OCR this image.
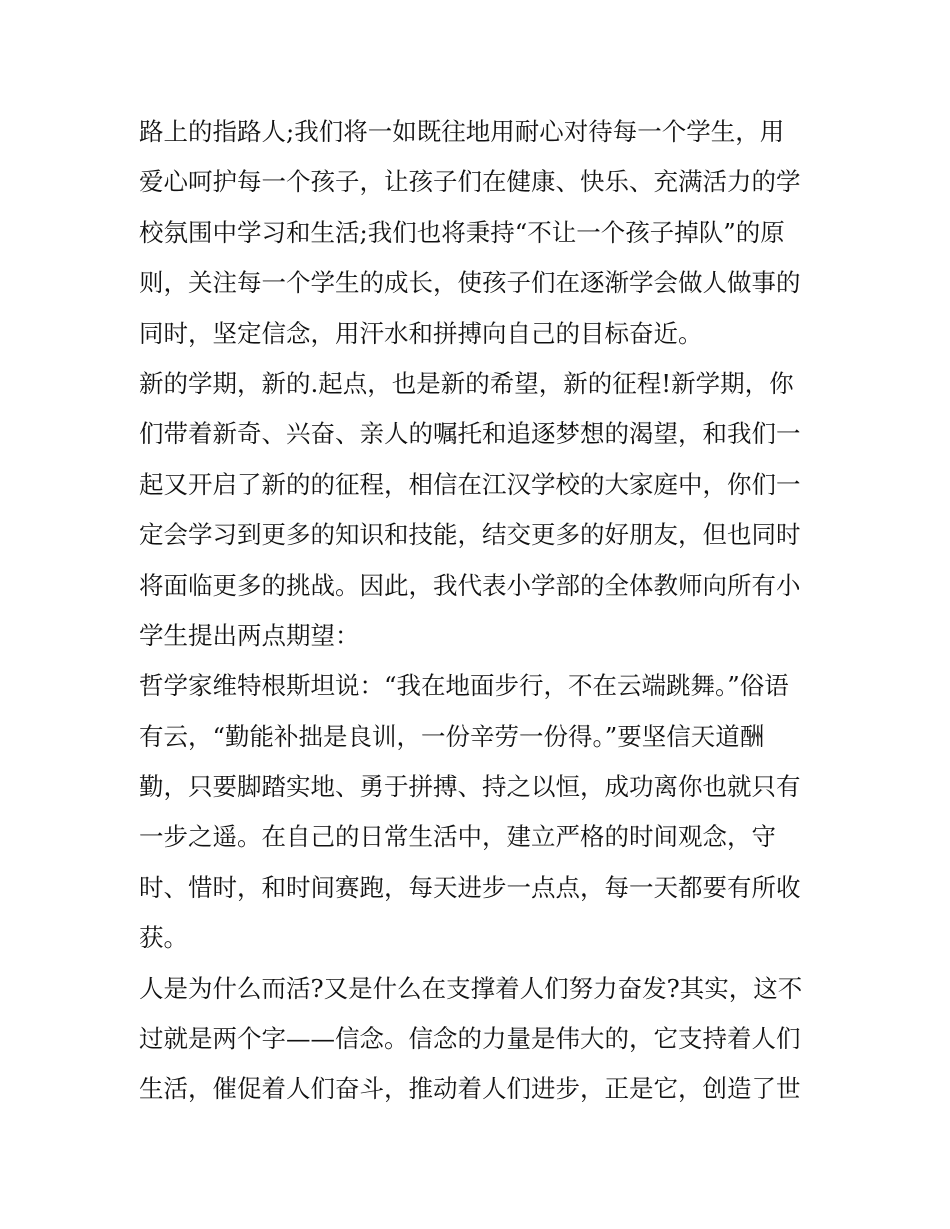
路上的指路人;我们将一如既往地用耐心对待每一个学生，用
爱心呵护每一个孩子，让孩子们在健康、快乐、充满活力的学
校氛围中学习和生活;我们也将秉持“不让一个孩子掉队”的原
则，关注每一个学生的成长，使孩子们在逐渐学会做人做事的
同时，坚定信念，用汗水和拼搏向自己的目标奋近。
新的学期，新的.起点，也是新的希望，新的征程!新学期，你
们带着新奇、兴奋、亲人的嘱托和追逐梦想的渴望，和我们一
起又开启了新的的征程，相信在江汉学校的大家庭中，你们一
定会学习到更多的知识和技能，结交更多的好朋友，但也同时
将面临更多的挑战。因此，我代表小学部的全体教师向所有小
学生提出两点期望：
哲学家维特根斯坦说：“我在地面步行，不在云端跳舞。”俗语
有云，“勤能补拙是良训，一份辛劳一份得。”要坚信天道酬
勤，只要脚踏实地、勇于拼搏、持之以恒，成功离你也就只有
一步之遥。在自己的日常生活中，建立严格的时间观念，守
时、惜时，和时间赛跑，每天进步一点点，每一天都要有所收
获。
人是为什么而活?又是什么在支撑着人们努力奋发?其实，这不
过就是两个字——信念。信念的力量是伟大的，它支持着人们
生活，催促着人们奋斗，推动着人们进步，正是它，创造了世
